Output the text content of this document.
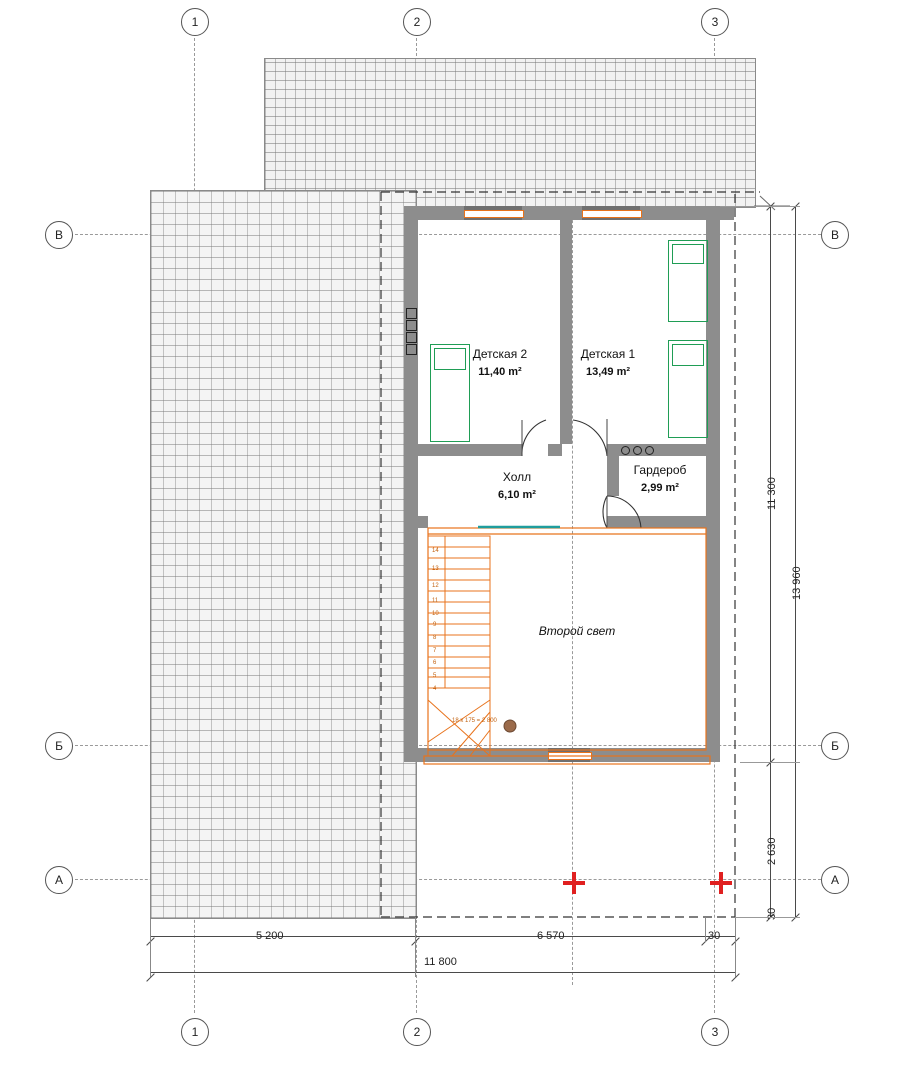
1	2	3
1	2	3
В
Б
А
В
Б
А
Детская 2
11,40 m²
Детская 1
13,49 m²
Холл
6,10 m²
Гардероб
2,99 m²
Второй свет
14
13
12
11
10
9
8
7
6
5
4
18 x 175 = 2 800
5 200	6 570	30
11 800
11 300
13 960
2 630
30
